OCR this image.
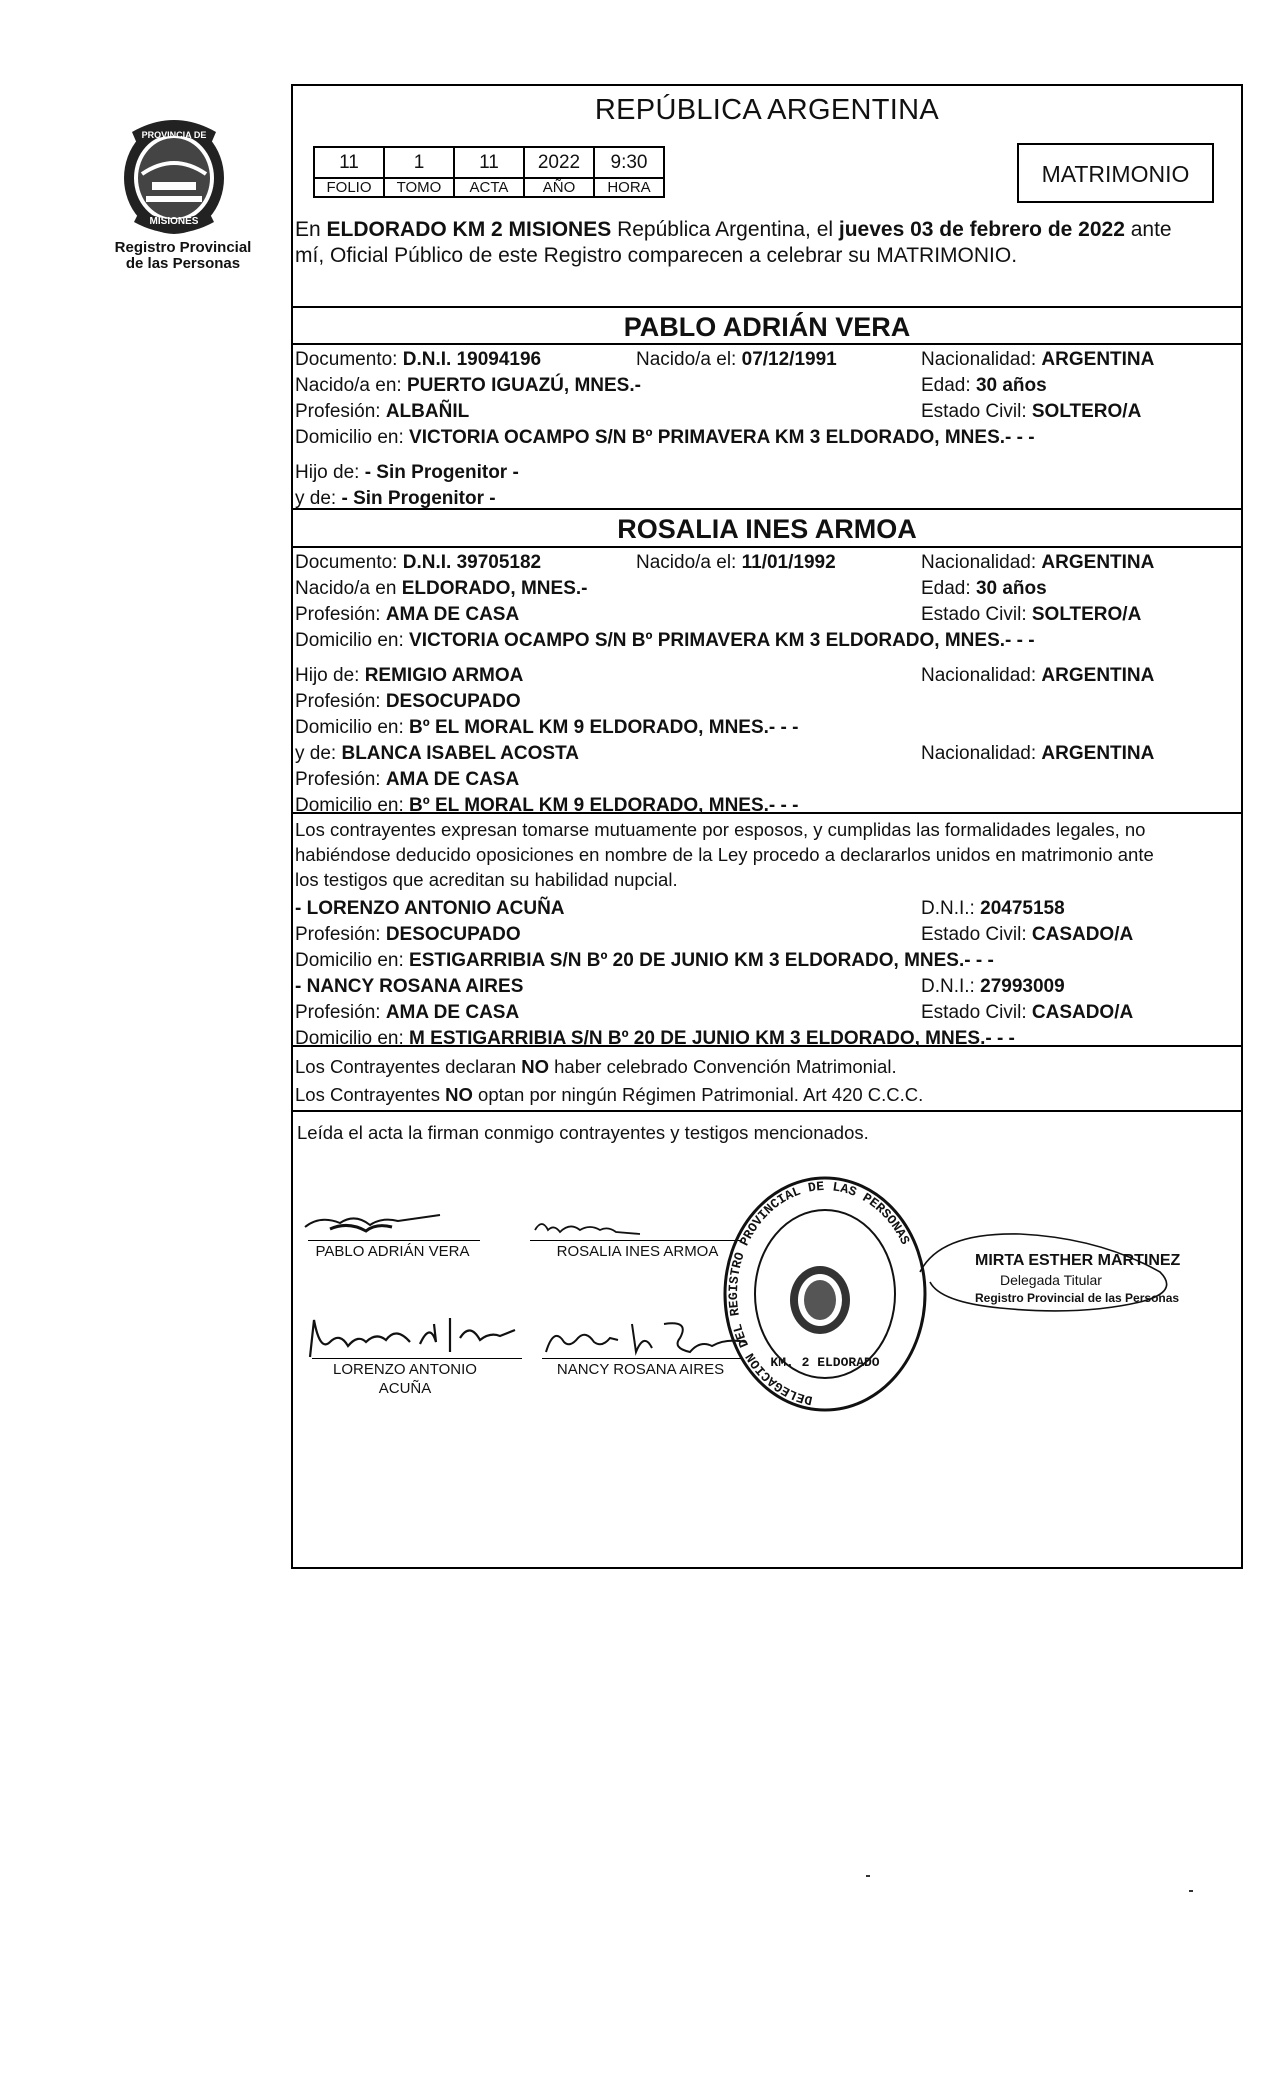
PROVINCIA DE
MISIONES
Registro Provincial
de las Personas
REPÚBLICA ARGENTINA
11	1	11	2022	9:30
FOLIO	TOMO	ACTA	AÑO	HORA
MATRIMONIO
En ELDORADO KM 2 MISIONES República Argentina, el jueves 03 de febrero de 2022 ante
mí, Oficial Público de este Registro comparecen a celebrar su MATRIMONIO.
PABLO ADRIÁN VERA
Documento: D.N.I. 19094196	Nacido/a el: 07/12/1991	Nacionalidad: ARGENTINA
Nacido/a en: PUERTO IGUAZÚ, MNES.-	Edad: 30 años
Profesión: ALBAÑIL	Estado Civil: SOLTERO/A
Domicilio en: VICTORIA OCAMPO S/N Bº PRIMAVERA KM 3 ELDORADO, MNES.- - -
Hijo de: - Sin Progenitor -
y de: - Sin Progenitor -
ROSALIA INES ARMOA
Documento: D.N.I. 39705182	Nacido/a el: 11/01/1992	Nacionalidad: ARGENTINA
Nacido/a en ELDORADO, MNES.-	Edad: 30 años
Profesión: AMA DE CASA	Estado Civil: SOLTERO/A
Domicilio en: VICTORIA OCAMPO S/N Bº PRIMAVERA KM 3 ELDORADO, MNES.- - -
Hijo de: REMIGIO ARMOA	Nacionalidad: ARGENTINA
Profesión: DESOCUPADO
Domicilio en: Bº EL MORAL KM 9 ELDORADO, MNES.- - -
y de: BLANCA ISABEL ACOSTA	Nacionalidad: ARGENTINA
Profesión: AMA DE CASA
Domicilio en: Bº EL MORAL KM 9 ELDORADO, MNES.- - -
Los contrayentes expresan tomarse mutuamente por esposos, y cumplidas las formalidades legales, no
habiéndose deducido oposiciones en nombre de la Ley procedo a declararlos unidos en matrimonio ante
los testigos que acreditan su habilidad nupcial.
- LORENZO ANTONIO ACUÑA	D.N.I.: 20475158
Profesión: DESOCUPADO	Estado Civil: CASADO/A
Domicilio en: ESTIGARRIBIA S/N Bº 20 DE JUNIO KM 3 ELDORADO, MNES.- - -
- NANCY ROSANA AIRES	D.N.I.: 27993009
Profesión: AMA DE CASA	Estado Civil: CASADO/A
Domicilio en: M ESTIGARRIBIA S/N Bº 20 DE JUNIO KM 3 ELDORADO, MNES.- - -
Los Contrayentes declaran NO haber celebrado Convención Matrimonial.
Los Contrayentes NO optan por ningún Régimen Patrimonial. Art 420 C.C.C.
Leída el acta la firman conmigo contrayentes y testigos mencionados.
PABLO ADRIÁN VERA	ROSALIA INES ARMOA
LORENZO ANTONIO
ACUÑA
NANCY ROSANA AIRES
DELEGACION DEL REGISTRO PROVINCIAL DE LAS PERSONAS
KM. 2 ELDORADO
MIRTA ESTHER MARTINEZ
Delegada Titular
Registro Provincial de las Personas
